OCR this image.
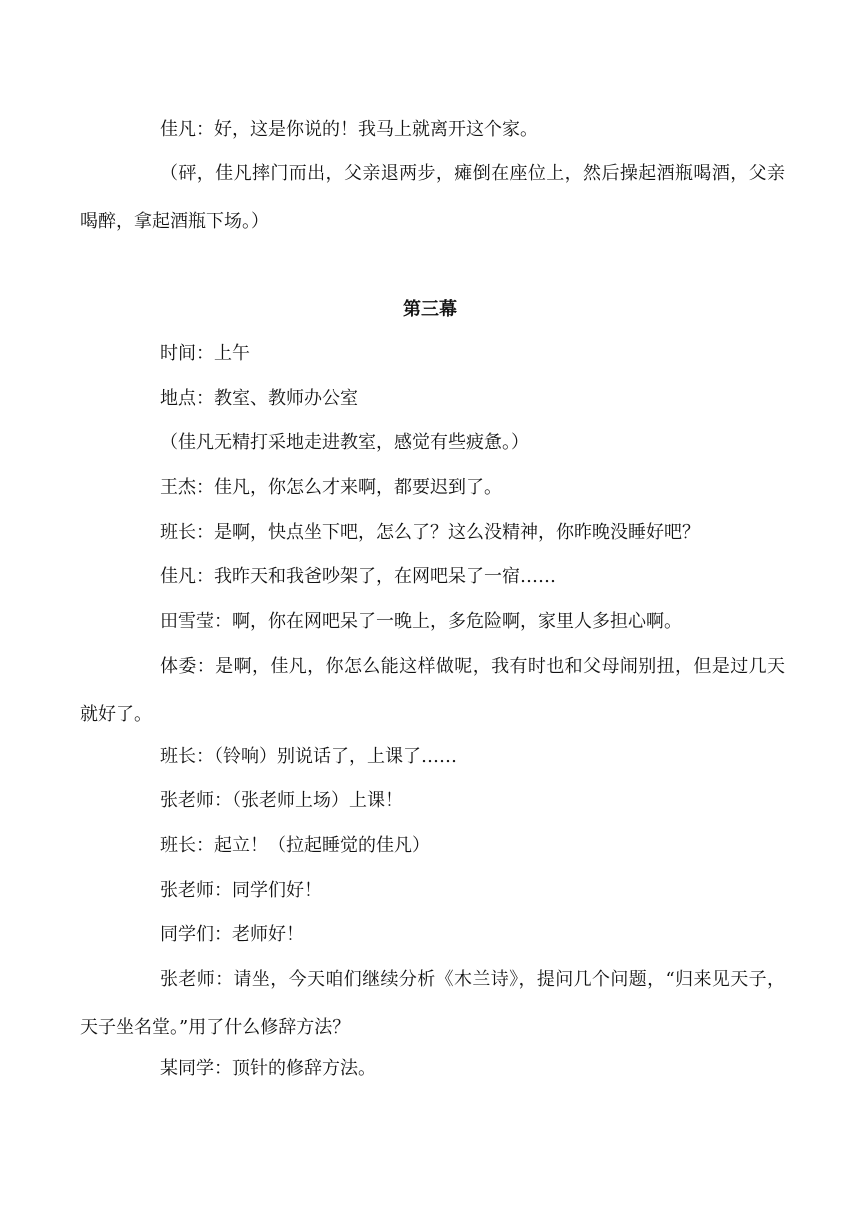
佳凡：好，这是你说的！我马上就离开这个家。

（砰，佳凡摔门而出，父亲退两步，瘫倒在座位上，然后操起酒瓶喝酒，父亲喝醉，拿起酒瓶下场。）

第三幕

时间：上午

地点：教室、教师办公室

（佳凡无精打采地走进教室，感觉有些疲惫。）

王杰：佳凡，你怎么才来啊，都要迟到了。

班长：是啊，快点坐下吧，怎么了？这么没精神，你昨晚没睡好吧？

佳凡：我昨天和我爸吵架了，在网吧呆了一宿……

田雪莹：啊，你在网吧呆了一晚上，多危险啊，家里人多担心啊。

体委：是啊，佳凡，你怎么能这样做呢，我有时也和父母闹别扭，但是过几天就好了。

班长：（铃响）别说话了，上课了……

张老师：（张老师上场）上课！

班长：起立！（拉起睡觉的佳凡）

张老师：同学们好！

同学们：老师好！

张老师：请坐，今天咱们继续分析《木兰诗》，提问几个问题，“归来见天子，天子坐名堂。”用了什么修辞方法？

某同学：顶针的修辞方法。
